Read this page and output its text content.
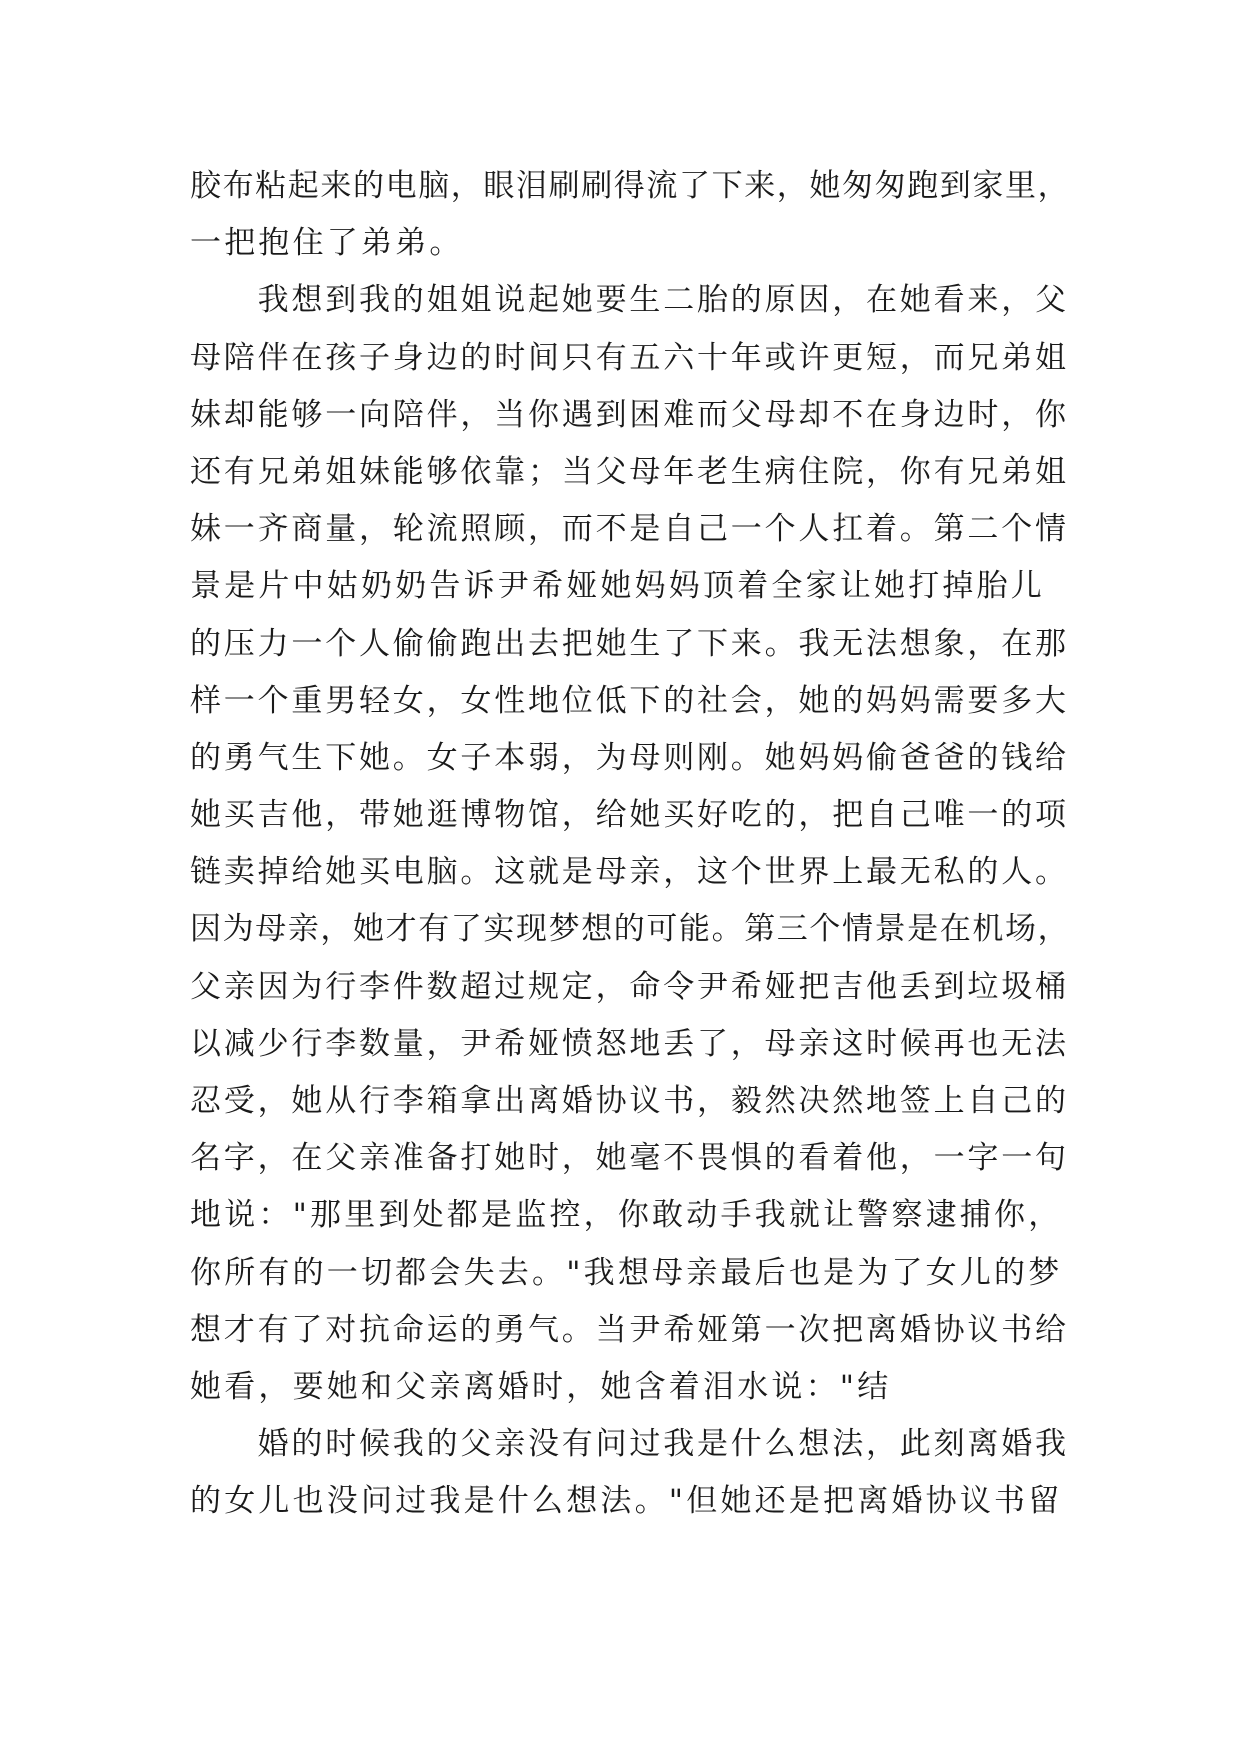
胶布粘起来的电脑，眼泪刷刷得流了下来，她匆匆跑到家里，
一把抱住了弟弟。
　　我想到我的姐姐说起她要生二胎的原因，在她看来，父
母陪伴在孩子身边的时间只有五六十年或许更短，而兄弟姐
妹却能够一向陪伴，当你遇到困难而父母却不在身边时，你
还有兄弟姐妹能够依靠；当父母年老生病住院，你有兄弟姐
妹一齐商量，轮流照顾，而不是自己一个人扛着。第二个情
景是片中姑奶奶告诉尹希娅她妈妈顶着全家让她打掉胎儿
的压力一个人偷偷跑出去把她生了下来。我无法想象，在那
样一个重男轻女，女性地位低下的社会，她的妈妈需要多大
的勇气生下她。女子本弱，为母则刚。她妈妈偷爸爸的钱给
她买吉他，带她逛博物馆，给她买好吃的，把自己唯一的项
链卖掉给她买电脑。这就是母亲，这个世界上最无私的人。
因为母亲，她才有了实现梦想的可能。第三个情景是在机场，
父亲因为行李件数超过规定，命令尹希娅把吉他丢到垃圾桶
以减少行李数量，尹希娅愤怒地丢了，母亲这时候再也无法
忍受，她从行李箱拿出离婚协议书，毅然决然地签上自己的
名字，在父亲准备打她时，她毫不畏惧的看着他，一字一句
地说："那里到处都是监控，你敢动手我就让警察逮捕你，
你所有的一切都会失去。"我想母亲最后也是为了女儿的梦
想才有了对抗命运的勇气。当尹希娅第一次把离婚协议书给
她看，要她和父亲离婚时，她含着泪水说："结
　　婚的时候我的父亲没有问过我是什么想法，此刻离婚我
的女儿也没问过我是什么想法。"但她还是把离婚协议书留
